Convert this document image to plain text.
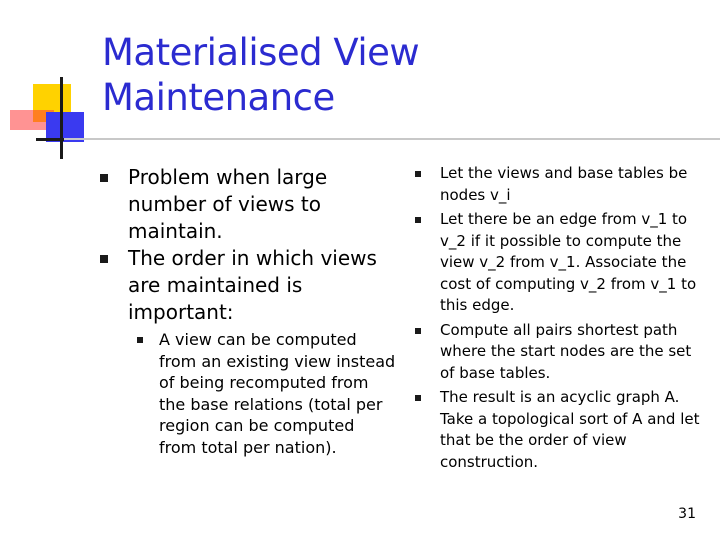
Materialised View
Maintenance
Problem when large number of views to maintain.
The order in which views are maintained is important:
A view can be computed from an existing view instead of being recomputed from the base relations (total per region can be computed from total per nation).
Let the views and base tables be nodes v_i
Let there be an edge from v_1 to v_2 if it possible to compute the view v_2 from v_1. Associate the cost of computing v_2 from v_1 to this edge.
Compute all pairs shortest path where the start nodes are the set of base tables.
The result is an acyclic graph A. Take a topological sort of A and let that be the order of view construction.
31
